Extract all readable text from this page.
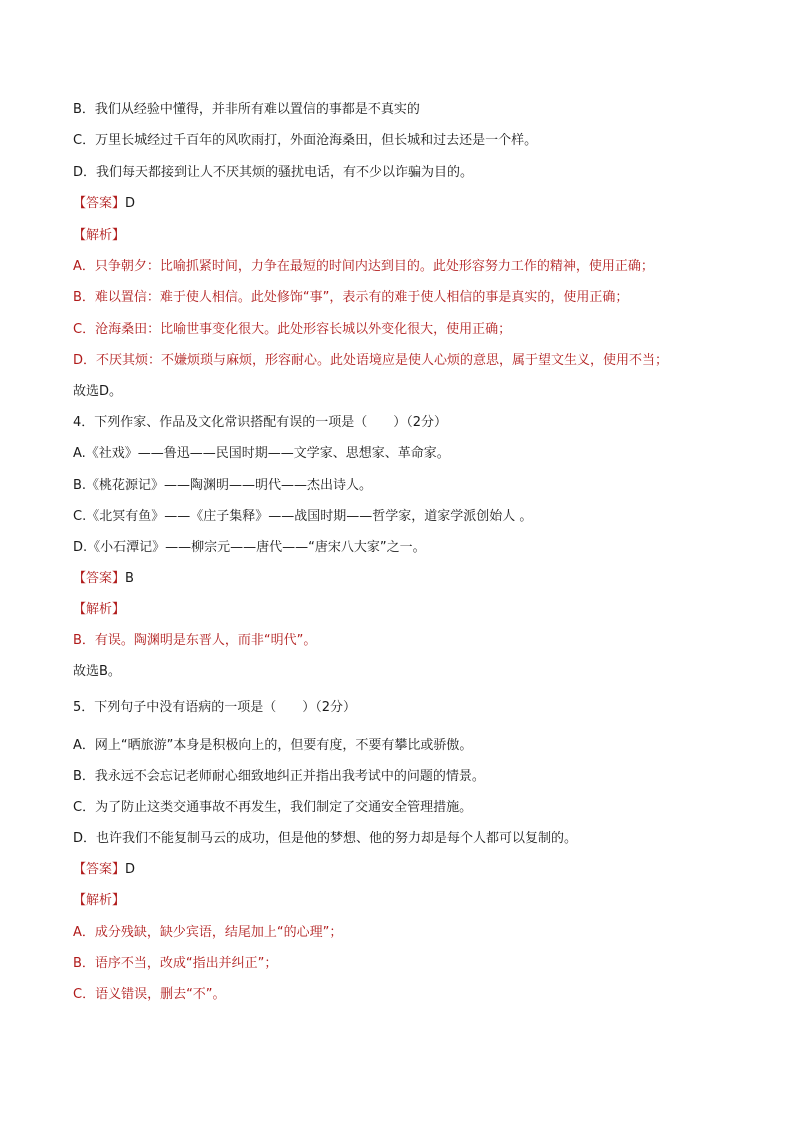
B．我们从经验中懂得，并非所有难以置信的事都是不真实的
C．万里长城经过千百年的风吹雨打，外面沧海桑田，但长城和过去还是一个样。
D．我们每天都接到让人不厌其烦的骚扰电话，有不少以诈骗为目的。
【答案】D
【解析】
A．只争朝夕：比喻抓紧时间，力争在最短的时间内达到目的。此处形容努力工作的精神，使用正确；
B．难以置信：难于使人相信。此处修饰“事”，表示有的难于使人相信的事是真实的，使用正确；
C．沧海桑田：比喻世事变化很大。此处形容长城以外变化很大，使用正确；
D．不厌其烦：不嫌烦琐与麻烦，形容耐心。此处语境应是使人心烦的意思，属于望文生义，使用不当；
故选D。
4．下列作家、作品及文化常识搭配有误的一项是（　　）（2分）
A.《社戏》——鲁迅——民国时期——文学家、思想家、革命家。
B.《桃花源记》——陶渊明——明代——杰出诗人。
C.《北冥有鱼》——《庄子集释》——战国时期——哲学家，道家学派创始人 。
D.《小石潭记》——柳宗元——唐代——“唐宋八大家”之一。
【答案】B
【解析】
B．有误。陶渊明是东晋人，而非“明代”。
故选B。
5．下列句子中没有语病的一项是（　　）（2分）
A．网上“晒旅游”本身是积极向上的，但要有度，不要有攀比或骄傲。
B．我永远不会忘记老师耐心细致地纠正并指出我考试中的问题的情景。
C．为了防止这类交通事故不再发生，我们制定了交通安全管理措施。
D．也许我们不能复制马云的成功，但是他的梦想、他的努力却是每个人都可以复制的。
【答案】D
【解析】
A．成分残缺，缺少宾语，结尾加上“的心理”；
B．语序不当，改成“指出并纠正”；
C．语义错误，删去“不”。
